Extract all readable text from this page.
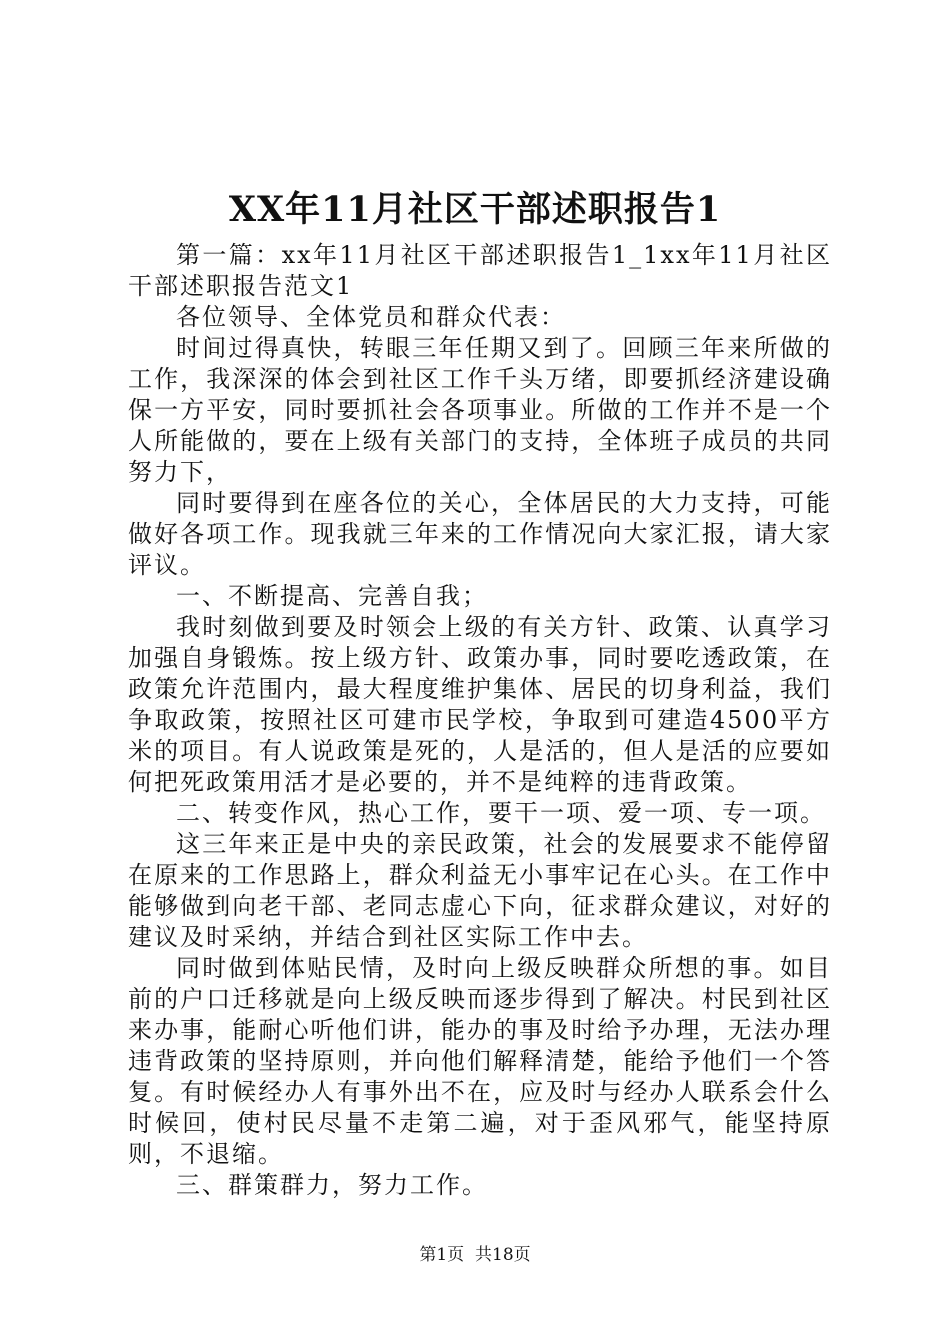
XX年11月社区干部述职报告1

第一篇：xx年11月社区干部述职报告1_1xx年11月社区干部述职报告范文1

各位领导、全体党员和群众代表：

时间过得真快，转眼三年任期又到了。回顾三年来所做的工作，我深深的体会到社区工作千头万绪，即要抓经济建设确保一方平安，同时要抓社会各项事业。所做的工作并不是一个人所能做的，要在上级有关部门的支持，全体班子成员的共同努力下，

同时要得到在座各位的关心，全体居民的大力支持，可能做好各项工作。现我就三年来的工作情况向大家汇报，请大家评议。

一、不断提高、完善自我；

我时刻做到要及时领会上级的有关方针、政策、认真学习加强自身锻炼。按上级方针、政策办事，同时要吃透政策，在政策允许范围内，最大程度维护集体、居民的切身利益，我们争取政策，按照社区可建市民学校，争取到可建造4500平方米的项目。有人说政策是死的，人是活的，但人是活的应要如何把死政策用活才是必要的，并不是纯粹的违背政策。

二、转变作风，热心工作，要干一项、爱一项、专一项。

这三年来正是中央的亲民政策，社会的发展要求不能停留在原来的工作思路上，群众利益无小事牢记在心头。在工作中能够做到向老干部、老同志虚心下向，征求群众建议，对好的建议及时采纳，并结合到社区实际工作中去。

同时做到体贴民情，及时向上级反映群众所想的事。如目前的户口迁移就是向上级反映而逐步得到了解决。村民到社区来办事，能耐心听他们讲，能办的事及时给予办理，无法办理违背政策的坚持原则，并向他们解释清楚，能给予他们一个答复。有时候经办人有事外出不在，应及时与经办人联系会什么时候回，使村民尽量不走第二遍，对于歪风邪气，能坚持原则，不退缩。

三、群策群力，努力工作。

第1页 共18页
